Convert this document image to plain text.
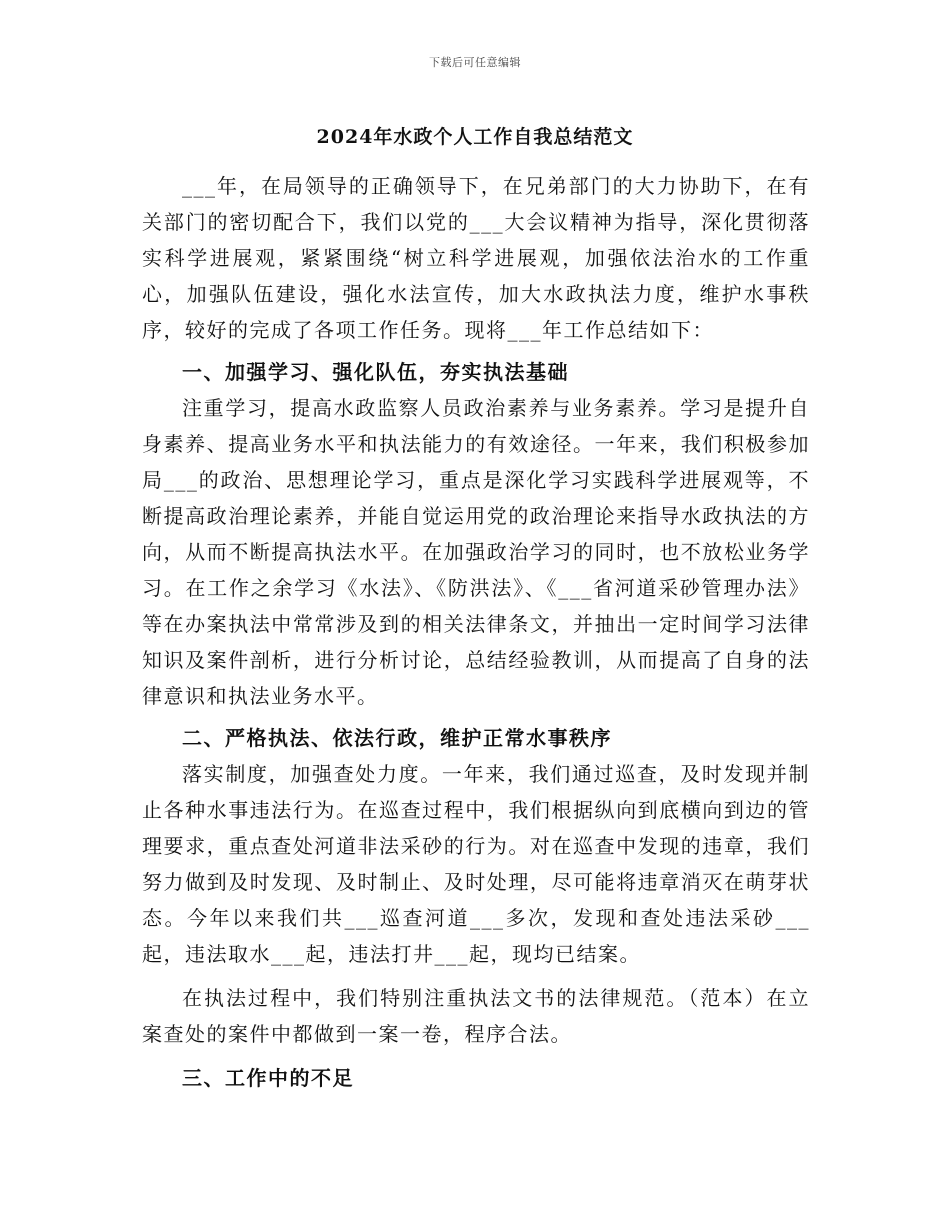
下载后可任意编辑
2024年水政个人工作自我总结范文

___年，在局领导的正确领导下，在兄弟部门的大力协助下，在有关部门的密切配合下，我们以党的___大会议精神为指导，深化贯彻落实科学进展观，紧紧围绕“树立科学进展观，加强依法治水的工作重心，加强队伍建设，强化水法宣传，加大水政执法力度，维护水事秩序，较好的完成了各项工作任务。现将___年工作总结如下：

一、加强学习、强化队伍，夯实执法基础

注重学习，提高水政监察人员政治素养与业务素养。学习是提升自身素养、提高业务水平和执法能力的有效途径。一年来，我们积极参加局___的政治、思想理论学习，重点是深化学习实践科学进展观等，不断提高政治理论素养，并能自觉运用党的政治理论来指导水政执法的方向，从而不断提高执法水平。在加强政治学习的同时，也不放松业务学习。在工作之余学习《水法》、《防洪法》、《___省河道采砂管理办法》等在办案执法中常常涉及到的相关法律条文，并抽出一定时间学习法律知识及案件剖析，进行分析讨论，总结经验教训，从而提高了自身的法律意识和执法业务水平。

二、严格执法、依法行政，维护正常水事秩序

落实制度，加强查处力度。一年来，我们通过巡查，及时发现并制止各种水事违法行为。在巡查过程中，我们根据纵向到底横向到边的管理要求，重点查处河道非法采砂的行为。对在巡查中发现的违章，我们努力做到及时发现、及时制止、及时处理，尽可能将违章消灭在萌芽状态。今年以来我们共___巡查河道___多次，发现和查处违法采砂___起，违法取水___起，违法打井___起，现均已结案。

在执法过程中，我们特别注重执法文书的法律规范。（范本）在立案查处的案件中都做到一案一卷，程序合法。

三、工作中的不足
